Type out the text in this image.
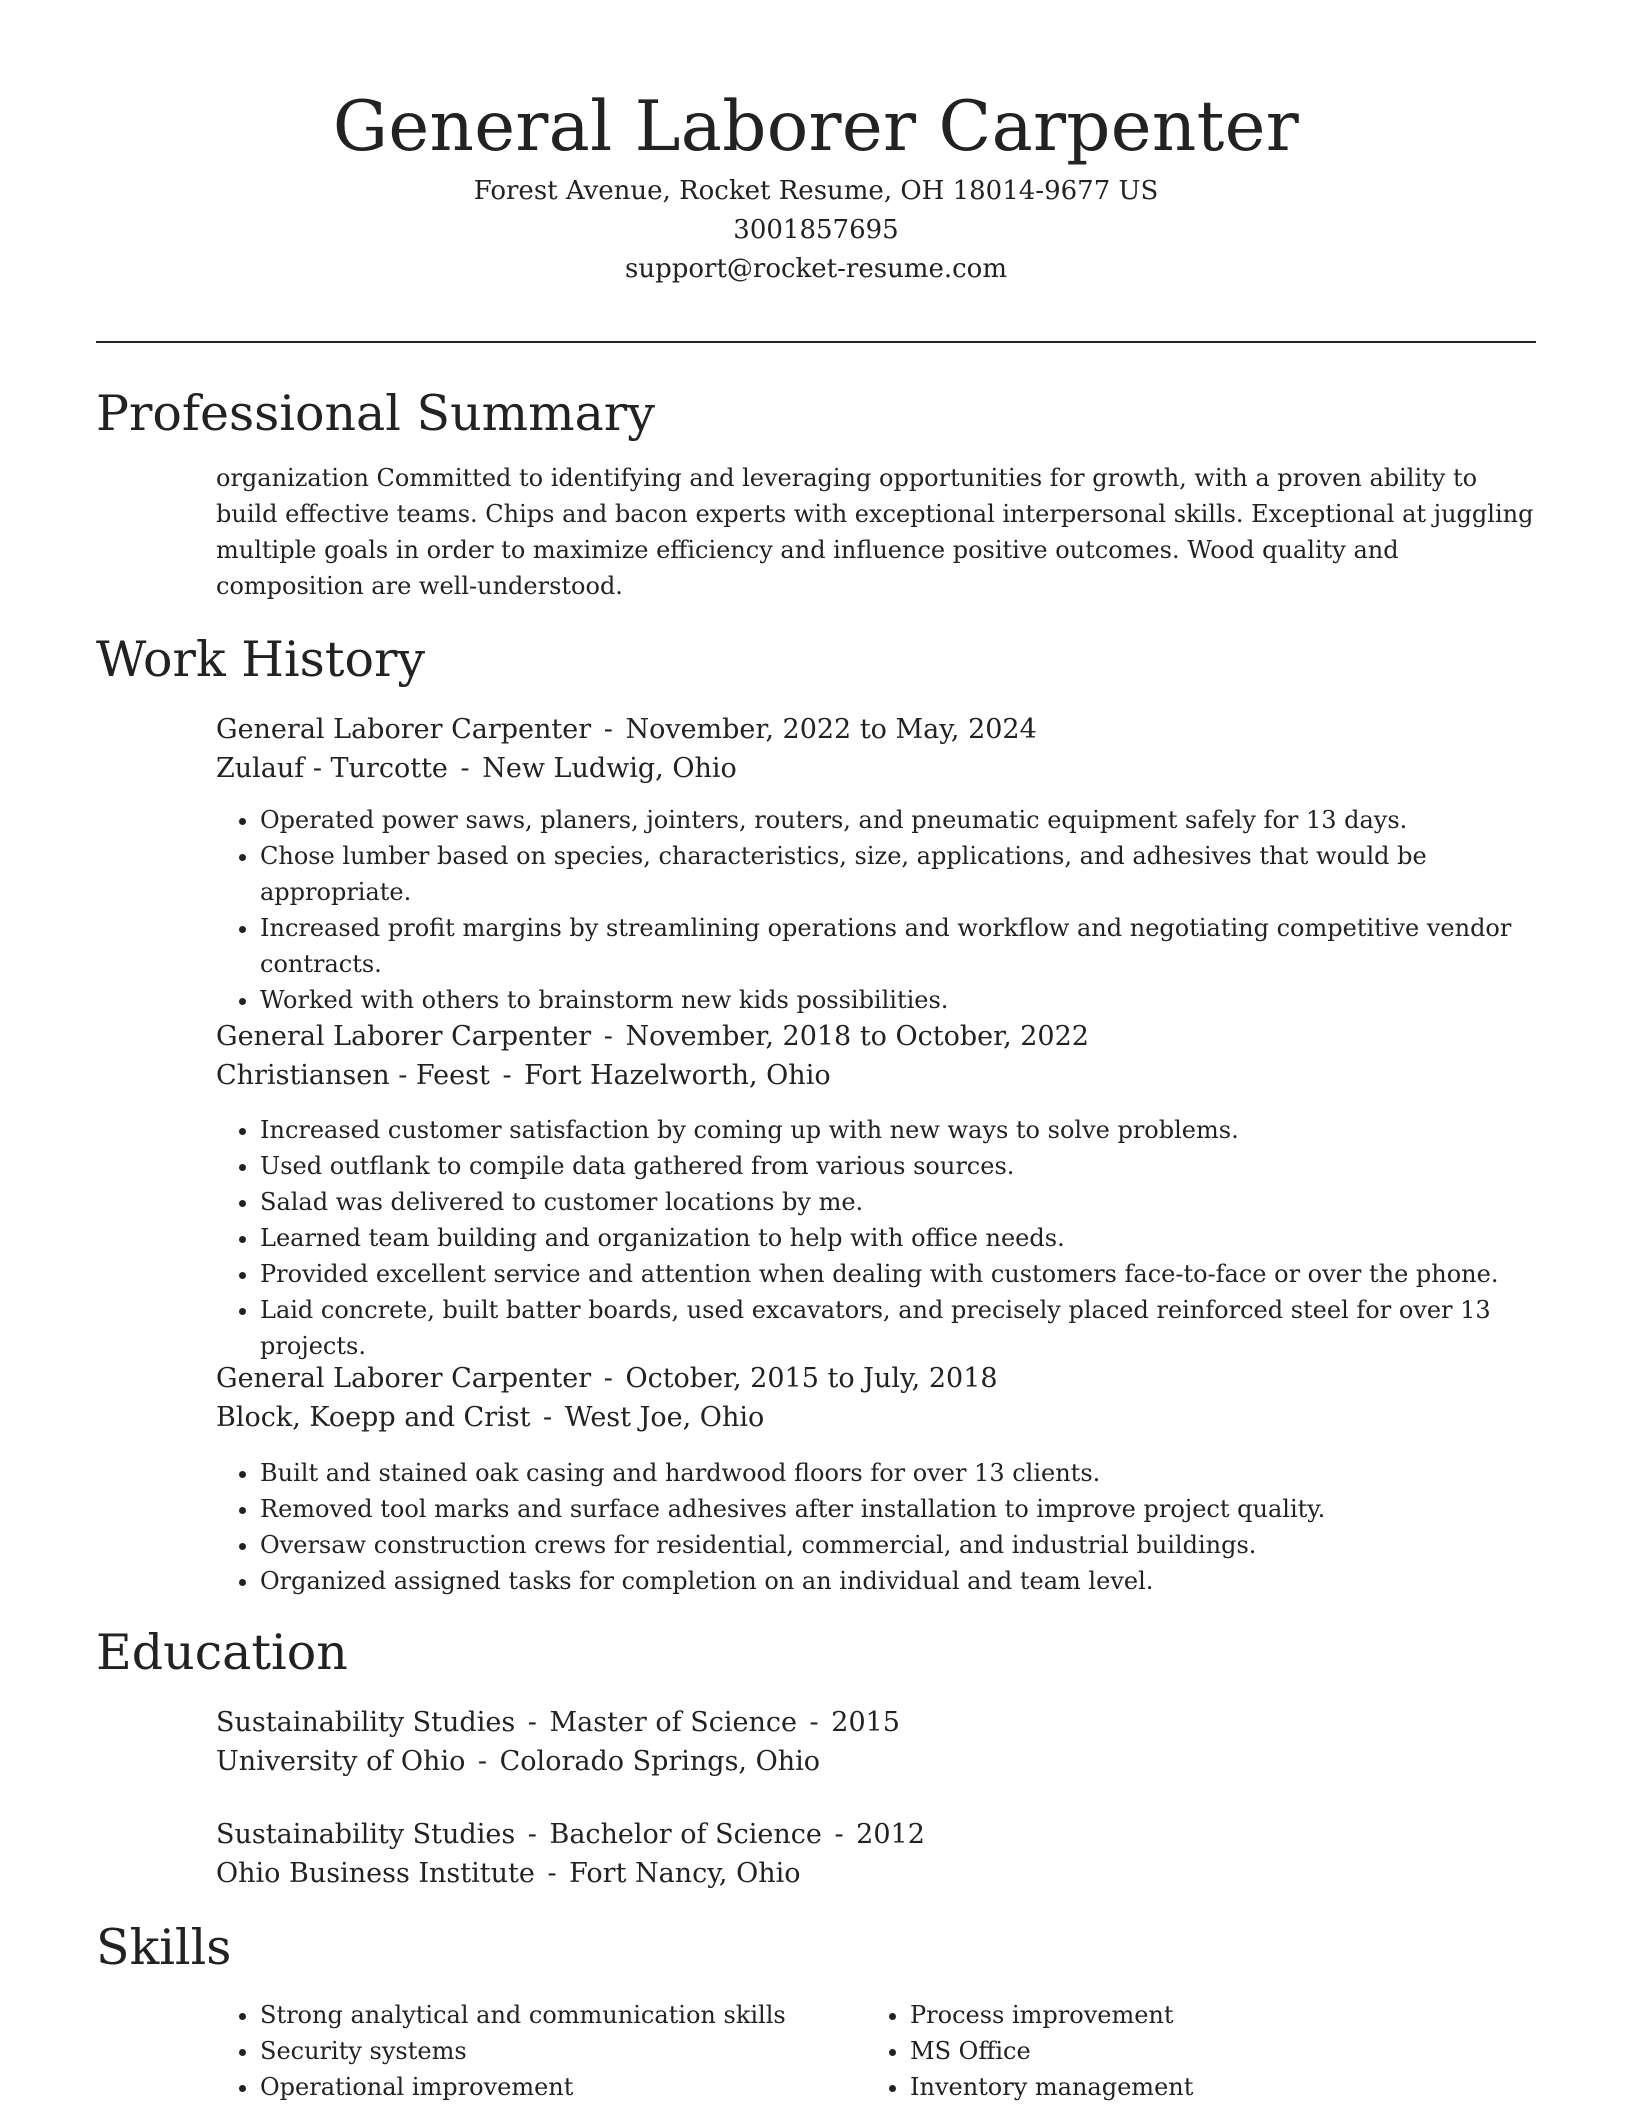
General Laborer Carpenter
Forest Avenue, Rocket Resume, OH 18014-9677 US
3001857695
support@rocket-resume.com
Professional Summary
organization Committed to identifying and leveraging opportunities for growth, with a proven ability to build effective teams. Chips and bacon experts with exceptional interpersonal skills. Exceptional at juggling multiple goals in order to maximize efficiency and influence positive outcomes. Wood quality and composition are well-understood.
Work History
General Laborer Carpenter - November, 2022 to May, 2024
Zulauf - Turcotte - New Ludwig, Ohio
• Operated power saws, planers, jointers, routers, and pneumatic equipment safely for 13 days.
• Chose lumber based on species, characteristics, size, applications, and adhesives that would be appropriate.
• Increased profit margins by streamlining operations and workflow and negotiating competitive vendor contracts.
• Worked with others to brainstorm new kids possibilities.
General Laborer Carpenter - November, 2018 to October, 2022
Christiansen - Feest - Fort Hazelworth, Ohio
• Increased customer satisfaction by coming up with new ways to solve problems.
• Used outflank to compile data gathered from various sources.
• Salad was delivered to customer locations by me.
• Learned team building and organization to help with office needs.
• Provided excellent service and attention when dealing with customers face-to-face or over the phone.
• Laid concrete, built batter boards, used excavators, and precisely placed reinforced steel for over 13 projects.
General Laborer Carpenter - October, 2015 to July, 2018
Block, Koepp and Crist - West Joe, Ohio
• Built and stained oak casing and hardwood floors for over 13 clients.
• Removed tool marks and surface adhesives after installation to improve project quality.
• Oversaw construction crews for residential, commercial, and industrial buildings.
• Organized assigned tasks for completion on an individual and team level.
Education
Sustainability Studies - Master of Science - 2015
University of Ohio - Colorado Springs, Ohio
Sustainability Studies - Bachelor of Science - 2012
Ohio Business Institute - Fort Nancy, Ohio
Skills
• Strong analytical and communication skills
• Security systems
• Operational improvement
• Process improvement
• MS Office
• Inventory management
